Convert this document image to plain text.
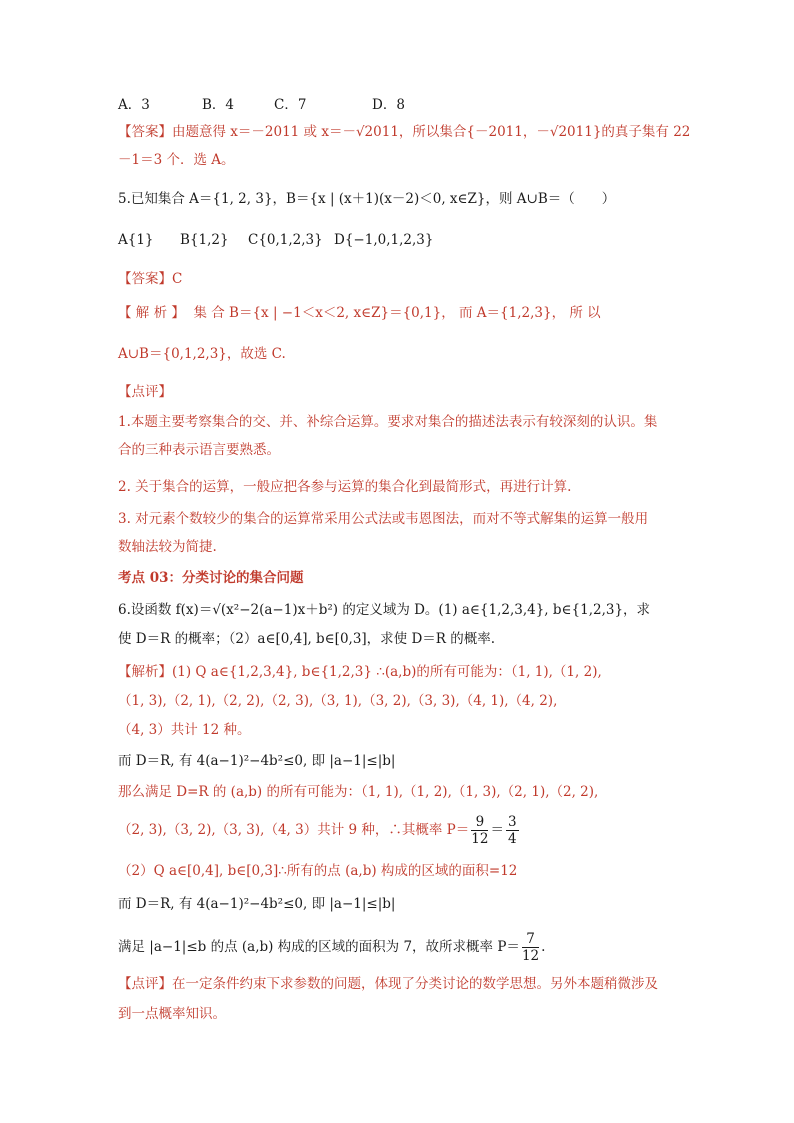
A．3	B．4	C．7	D．8
【答案】由题意得 x＝－2011 或 x＝－√2011，所以集合{－2011，－√2011}的真子集有 22
－1＝3 个．选 A。
5.已知集合 A＝{1, 2, 3}，B＝{x | (x＋1)(x－2)＜0, x∈Z}，则 A∪B＝（　　）
A{1} B{1,2} C{0,1,2,3} D{−1,0,1,2,3}
【答案】C
【 解 析 】 集 合 B＝{x | −1＜x＜2, x∈Z}＝{0,1}， 而 A＝{1,2,3}， 所 以
A∪B＝{0,1,2,3}，故选 C.
【点评】
1.本题主要考察集合的交、并、补综合运算。要求对集合的描述法表示有较深刻的认识。集
合的三种表示语言要熟悉。
2. 关于集合的运算，一般应把各参与运算的集合化到最简形式，再进行计算.
3. 对元素个数较少的集合的运算常采用公式法或韦恩图法，而对不等式解集的运算一般用
数轴法较为简捷.
考点 03：分类讨论的集合问题
6.设函数 f(x)＝√(x²−2(a−1)x＋b²) 的定义域为 D。(1) a∈{1,2,3,4}, b∈{1,2,3}，求
使 D＝R 的概率；（2）a∈[0,4], b∈[0,3]，求使 D＝R 的概率.
【解析】(1) Q a∈{1,2,3,4}, b∈{1,2,3} ∴(a,b)的所有可能为：（1, 1),（1, 2),
（1, 3),（2, 1),（2, 2),（2, 3),（3, 1),（3, 2),（3, 3),（4, 1),（4, 2),
（4, 3）共计 12 种。
而 D＝R, 有 4(a−1)²−4b²≤0, 即 |a−1|≤|b|
那么满足 D=R 的 (a,b) 的所有可能为：（1, 1),（1, 2),（1, 3),（2, 1),（2, 2),
（2, 3),（3, 2),（3, 3),（4, 3）共计 9 种，∴其概率 $P= \frac{9}{12} = \frac{3}{4}$
（2）Q a∈[0,4], b∈[0,3]∴所有的点 (a,b) 构成的区域的面积=12
而 D＝R, 有 4(a−1)²−4b²≤0, 即 |a−1|≤|b|
满足 |a−1|≤b 的点 (a,b) 构成的区域的面积为 7，故所求概率 $P= \frac{7}{12}$ .
【点评】在一定条件约束下求参数的问题，体现了分类讨论的数学思想。另外本题稍微涉及
到一点概率知识。
